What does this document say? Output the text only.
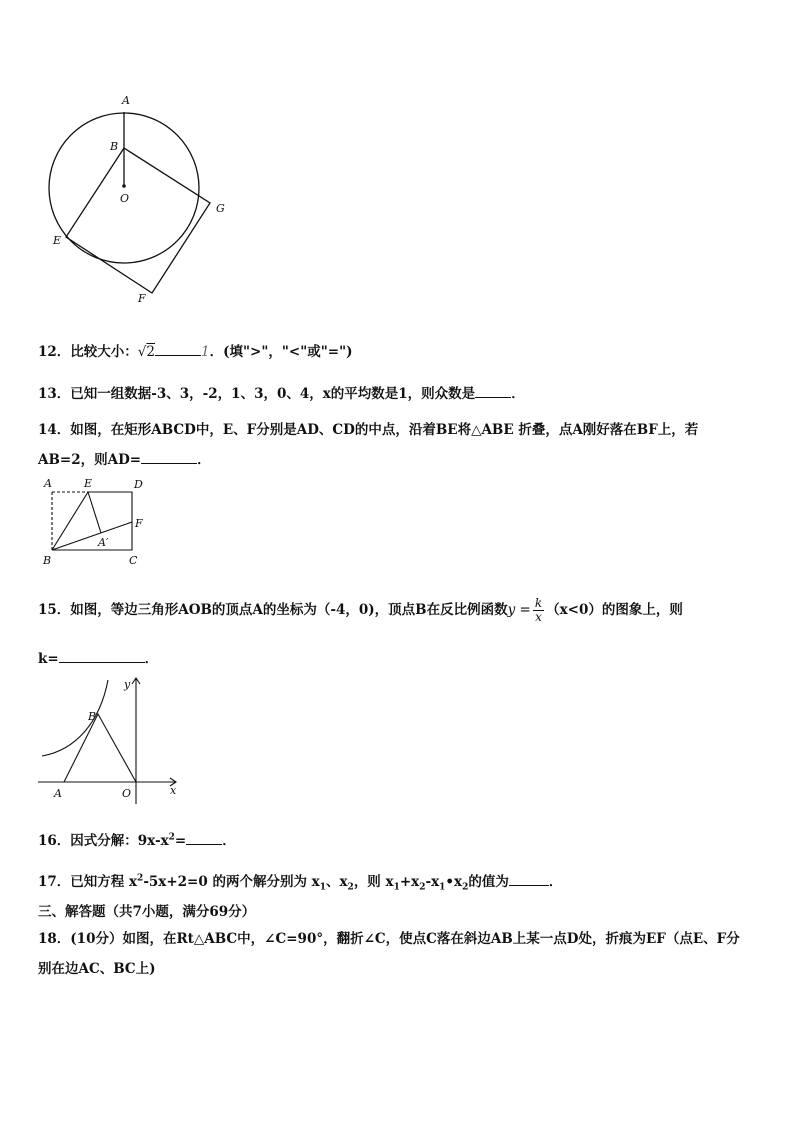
A
B
O
G
E
F
12．比较大小：√2	1．(填">"，"<"或"=")
13．已知一组数据-3、3，-2，1、3，0、4，x的平均数是1，则众数是	．
14．如图，在矩形ABCD中，E、F分别是AD、CD的中点，沿着BE将△ABE 折叠，点A刚好落在BF上，若
AB=2，则AD=	．
A	E	D
F
A′
B	C
15．如图，等边三角形AOB的顶点A的坐标为（-4，0)，顶点B在反比例函数$y = \frac{k}{x} (x<0)$的图象上，则
k=	．
y
x
B
A	O
16．因式分解：$9x-x^2=$	．
17．已知方程 $x^2-5x+2=0$ 的两个解分别为 $x_1$、$x_2$，则 $x_1+x_2-x_1•x_2$的值为	．
三、解答题（共7小题，满分69分）
18．(10分）如图，在Rt△ABC中，∠C=90°，翻折∠C，使点C落在斜边AB上某一点D处，折痕为EF（点E、F分
别在边AC、BC上)
